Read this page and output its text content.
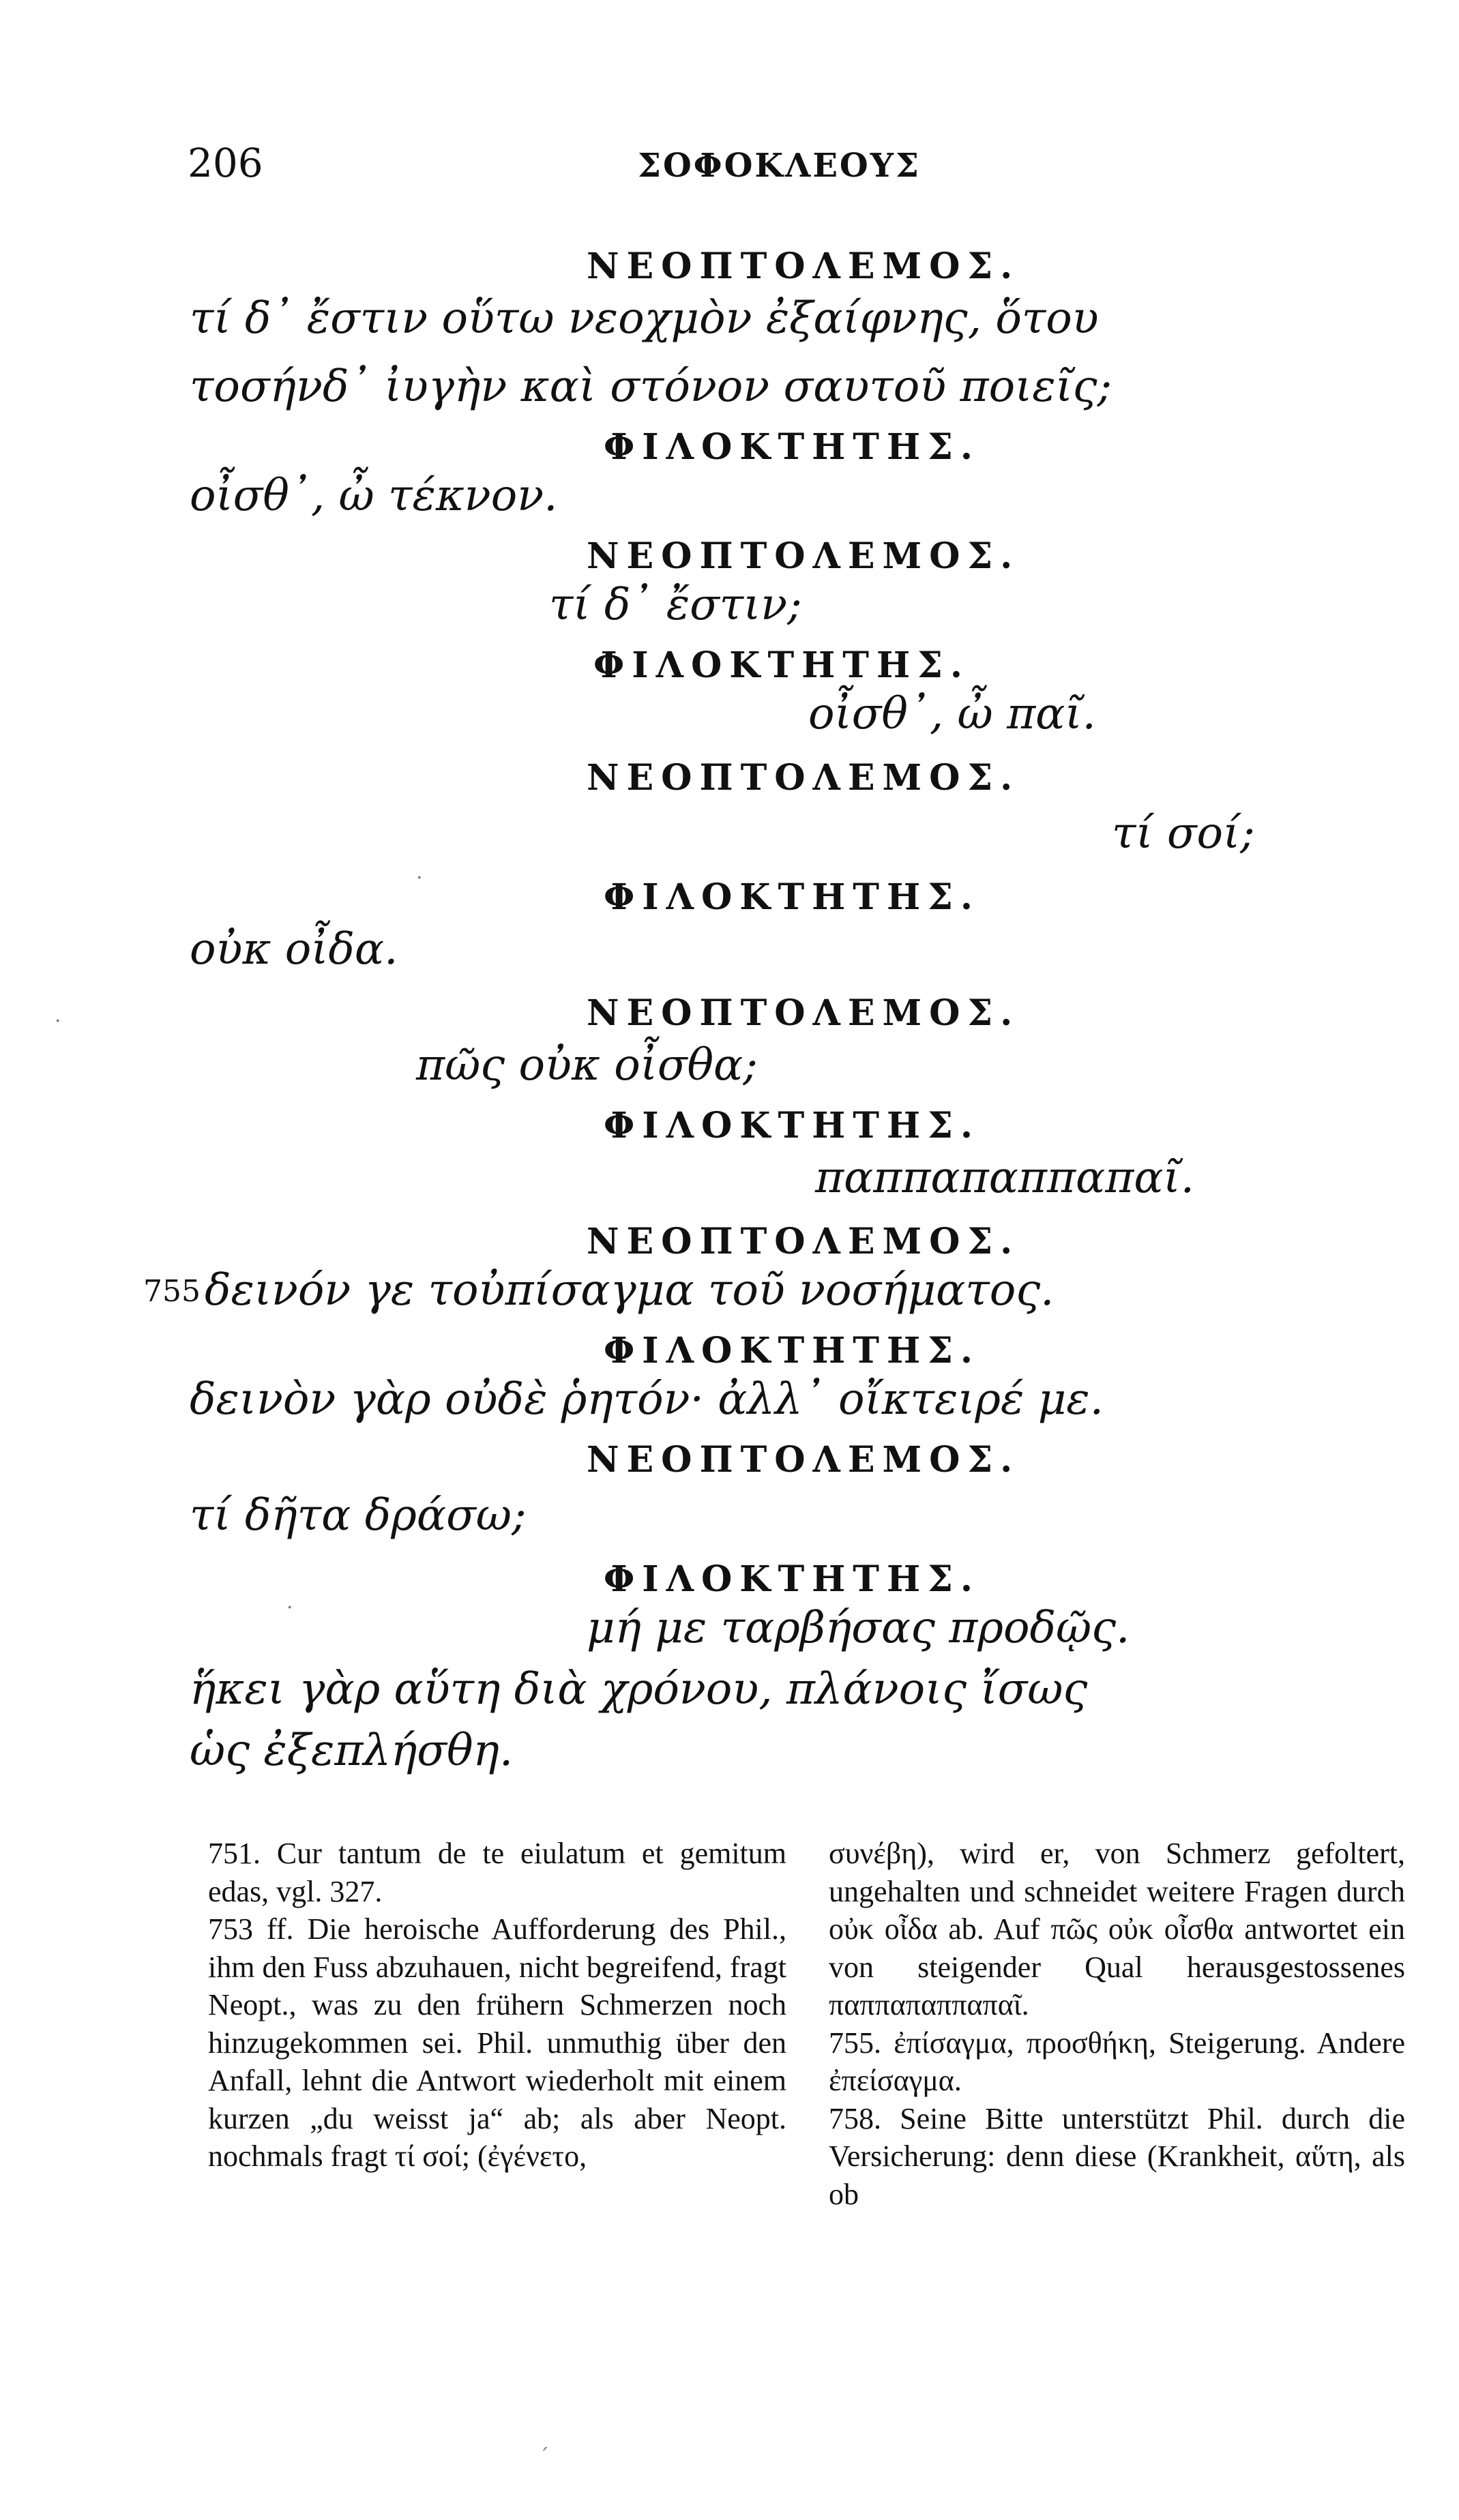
206	ΣΟΦΟΚΛΕΟΥΣ
ΝΕΟΠΤΟΛΕΜΟΣ.
τί δ᾽ ἔστιν οὕτω νεοχμὸν ἐξαίφνης, ὅτου
τοσήνδ᾽ ἰυγὴν καὶ στόνον σαυτοῦ ποιεῖς;
ΦΙΛΟΚΤΗΤΗΣ.
οἶσθ᾽, ὦ τέκνον.
ΝΕΟΠΤΟΛΕΜΟΣ.
τί δ᾽ ἔστιν;
ΦΙΛΟΚΤΗΤΗΣ.
οἶσθ᾽, ὦ παῖ.
ΝΕΟΠΤΟΛΕΜΟΣ.
τί σοί;
ΦΙΛΟΚΤΗΤΗΣ.
οὐκ οἶδα.
ΝΕΟΠΤΟΛΕΜΟΣ.
πῶς οὐκ οἶσθα;
ΦΙΛΟΚΤΗΤΗΣ.
παππαπαππαπαῖ.
ΝΕΟΠΤΟΛΕΜΟΣ.
755 δεινόν γε τοὐπίσαγμα τοῦ νοσήματος.
ΦΙΛΟΚΤΗΤΗΣ.
δεινὸν γὰρ οὐδὲ ῥητόν· ἀλλ᾽ οἴκτειρέ με.
ΝΕΟΠΤΟΛΕΜΟΣ.
τί δῆτα δράσω;
ΦΙΛΟΚΤΗΤΗΣ.
μή με ταρβήσας προδῷς.
ἥκει γὰρ αὕτη διὰ χρόνου, πλάνοις ἴσως
ὡς ἐξεπλήσθη.
·
·
·
ˊ

751. Cur tantum de te eiulatum et gemitum edas, vgl. 327.

753 ff. Die heroische Aufforderung des Phil., ihm den Fuss abzuhauen, nicht begreifend, fragt Neopt., was zu den frühern Schmerzen noch hinzugekommen sei. Phil. unmuthig über den Anfall, lehnt die Antwort wiederholt mit einem kurzen „du weisst ja“ ab; als aber Neopt. nochmals fragt τί σοί; (ἐγένετο,

συνέβη), wird er, von Schmerz gefoltert, ungehalten und schneidet weitere Fragen durch οὐκ οἶδα ab. Auf πῶς οὐκ οἶσθα antwortet ein von steigender Qual herausgestossenes παππαπαππαπαῖ.

755. ἐπίσαγμα, προσθήκη, Steigerung. Andere ἐπείσαγμα.

758. Seine Bitte unterstützt Phil. durch die Versicherung: denn diese (Krankheit, αὕτη, als ob
